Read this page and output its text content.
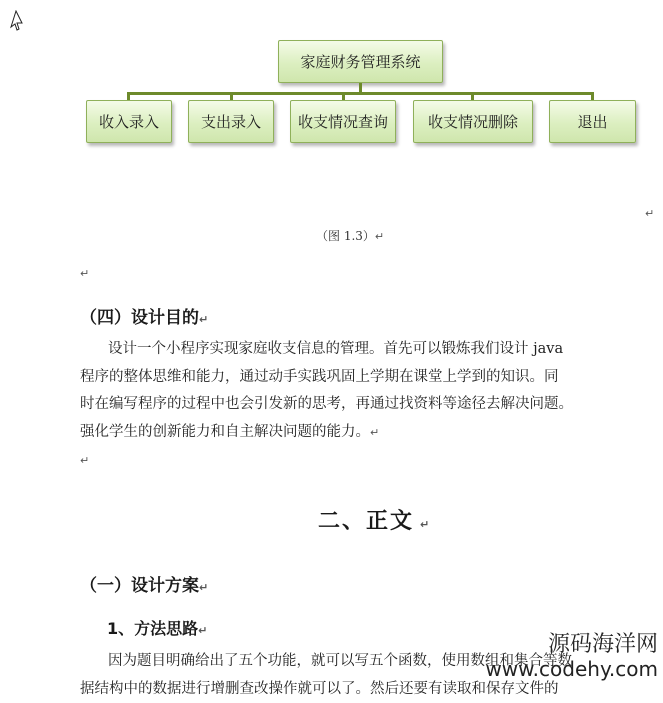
家庭财务管理系统
收入录入	支出录入	收支情况查询	收支情况删除	退出
↵
（图 1.3）↵
↵
（四）设计目的↵
设计一个小程序实现家庭收支信息的管理。首先可以锻炼我们设计 java
程序的整体思维和能力，通过动手实践巩固上学期在课堂上学到的知识。同
时在编写程序的过程中也会引发新的思考，再通过找资料等途径去解决问题。
强化学生的创新能力和自主解决问题的能力。↵
↵
二、正文 ↵
（一）设计方案↵
1、方法思路↵
因为题目明确给出了五个功能，就可以写五个函数，使用数组和集合等数
据结构中的数据进行增删查改操作就可以了。然后还要有读取和保存文件的
源码海洋网
www.codehy.com
